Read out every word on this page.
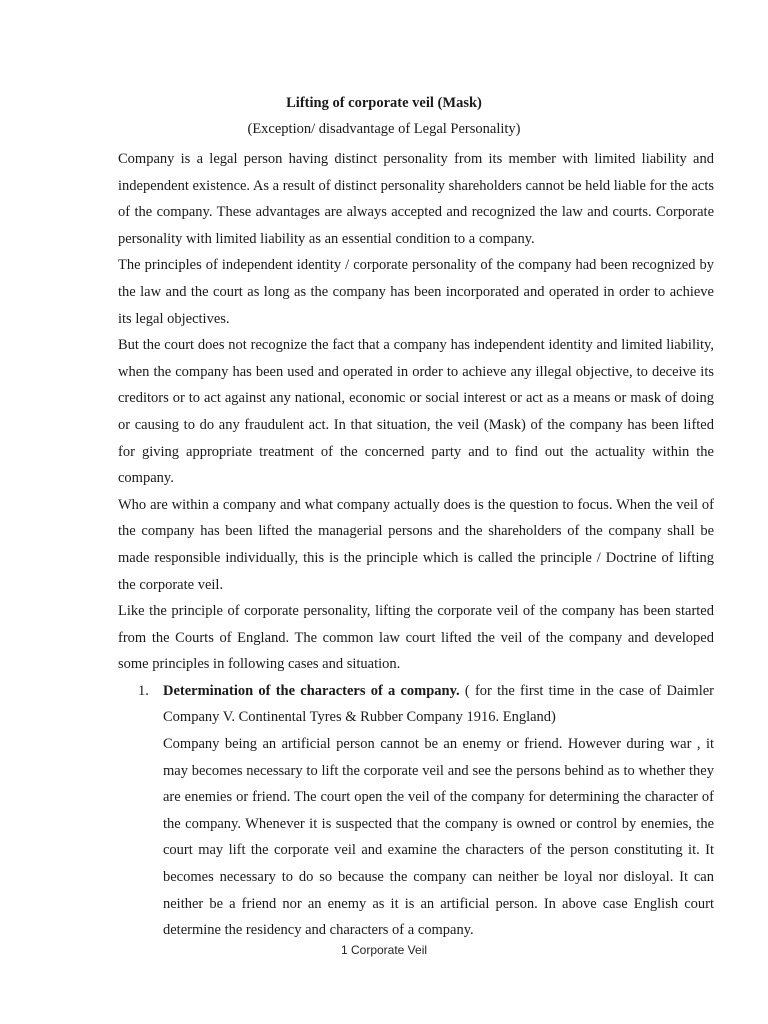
Lifting of corporate veil (Mask)
(Exception/ disadvantage of Legal Personality)

Company is a legal person having distinct personality from its member with limited liability and independent existence. As a result of distinct personality shareholders cannot be held liable for the acts of the company. These advantages are always accepted and recognized the law and courts. Corporate personality with limited liability as an essential condition to a company.

The principles of independent identity / corporate personality of the company had been recognized by the law and the court as long as the company has been incorporated and operated in order to achieve its legal objectives.

But the court does not recognize the fact that a company has independent identity and limited liability, when the company has been used and operated in order to achieve any illegal objective, to deceive its creditors or to act against any national, economic or social interest or act as a means or mask of doing or causing to do any fraudulent act. In that situation, the veil (Mask) of the company has been lifted for giving appropriate treatment of the concerned party and to find out the actuality within the company.

Who are within a company and what company actually does is the question to focus. When the veil of the company has been lifted the managerial persons and the shareholders of the company shall be made responsible individually, this is the principle which is called the principle / Doctrine of lifting the corporate veil.

Like the principle of corporate personality, lifting the corporate veil of the company has been started from the Courts of England. The common law court lifted the veil of the company and developed some principles in following cases and situation.

1. Determination of the characters of a company. ( for the first time in the case of Daimler Company V. Continental Tyres & Rubber Company 1916. England)
Company being an artificial person cannot be an enemy or friend. However during war , it may becomes necessary to lift the corporate veil and see the persons behind as to whether they are enemies or friend. The court open the veil of the company for determining the character of the company. Whenever it is suspected that the company is owned or control by enemies, the court may lift the corporate veil and examine the characters of the person constituting it. It becomes necessary to do so because the company can neither be loyal nor disloyal. It can neither be a friend nor an enemy as it is an artificial person. In above case English court determine the residency and characters of a company.
1 Corporate Veil
